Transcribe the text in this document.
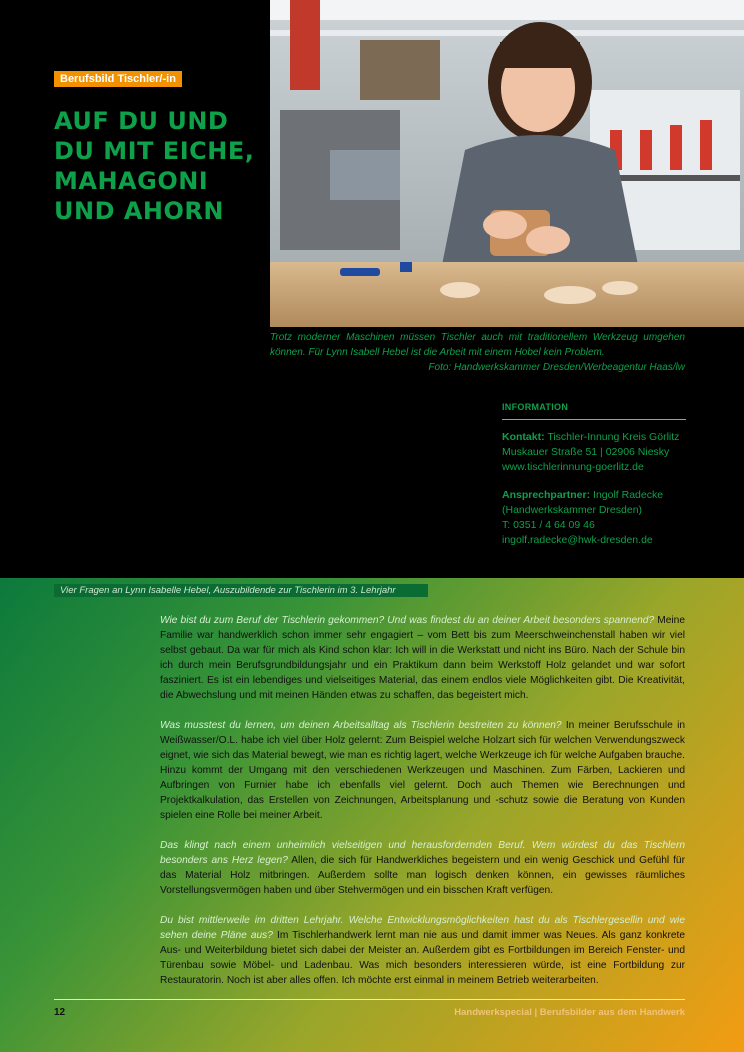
Berufsbild Tischler/-in
AUF DU UND
DU MIT EICHE,
MAHAGONI
UND AHORN
Trotz moderner Maschinen müssen Tischler auch mit traditionellem Werkzeug umgehen können. Für Lynn Isabell Hebel ist die Arbeit mit einem Hobel kein Problem.
Foto: Handwerkskammer Dresden/Werbeagentur Haas/lw
INFORMATION
Kontakt: Tischler-Innung Kreis Görlitz
Muskauer Straße 51 | 02906 Niesky
www.tischlerinnung-goerlitz.de
Ansprechpartner: Ingolf Radecke
(Handwerkskammer Dresden)
T: 0351 / 4 64 09 46
ingolf.radecke@hwk-dresden.de
Vier Fragen an Lynn Isabelle Hebel, Auszubildende zur Tischlerin im 3. Lehrjahr

Wie bist du zum Beruf der Tischlerin gekommen? Und was findest du an deiner Arbeit besonders spannend? Meine Familie war handwerklich schon immer sehr engagiert – vom Bett bis zum Meerschweinchenstall haben wir viel selbst gebaut. Da war für mich als Kind schon klar: Ich will in die Werkstatt und nicht ins Büro. Nach der Schule bin ich durch mein Berufsgrundbildungsjahr und ein Praktikum dann beim Werkstoff Holz gelandet und war sofort fasziniert. Es ist ein lebendiges und vielseitiges Material, das einem endlos viele Möglichkeiten gibt. Die Kreativität, die Abwechslung und mit meinen Händen etwas zu schaffen, das begeistert mich.

Was musstest du lernen, um deinen Arbeitsalltag als Tischlerin bestreiten zu können? In meiner Berufsschule in Weißwasser/O.L. habe ich viel über Holz gelernt: Zum Beispiel welche Holzart sich für welchen Verwendungszweck eignet, wie sich das Material bewegt, wie man es richtig lagert, welche Werkzeuge ich für welche Aufgaben brauche. Hinzu kommt der Umgang mit den verschiedenen Werkzeugen und Maschinen. Zum Färben, Lackieren und Aufbringen von Furnier habe ich ebenfalls viel gelernt. Doch auch Themen wie Berechnungen und Projektkalkulation, das Erstellen von Zeichnungen, Arbeitsplanung und -schutz sowie die Beratung von Kunden spielen eine Rolle bei meiner Arbeit.

Das klingt nach einem unheimlich vielseitigen und herausfordernden Beruf. Wem würdest du das Tischlern besonders ans Herz legen? Allen, die sich für Handwerkliches begeistern und ein wenig Geschick und Gefühl für das Material Holz mitbringen. Außerdem sollte man logisch denken können, ein gewisses räumliches Vorstellungsvermögen haben und über Stehvermögen und ein bisschen Kraft verfügen.

Du bist mittlerweile im dritten Lehrjahr. Welche Entwicklungsmöglichkeiten hast du als Tischlergesellin und wie sehen deine Pläne aus? Im Tischlerhandwerk lernt man nie aus und damit immer was Neues. Als ganz konkrete Aus- und Weiterbildung bietet sich dabei der Meister an. Außerdem gibt es Fortbildungen im Bereich Fenster- und Türenbau sowie Möbel- und Ladenbau. Was mich besonders interessieren würde, ist eine Fortbildung zur Restauratorin. Noch ist aber alles offen. Ich möchte erst einmal in meinem Betrieb weiterarbeiten.

12	Handwerkspecial | Berufsbilder aus dem Handwerk
